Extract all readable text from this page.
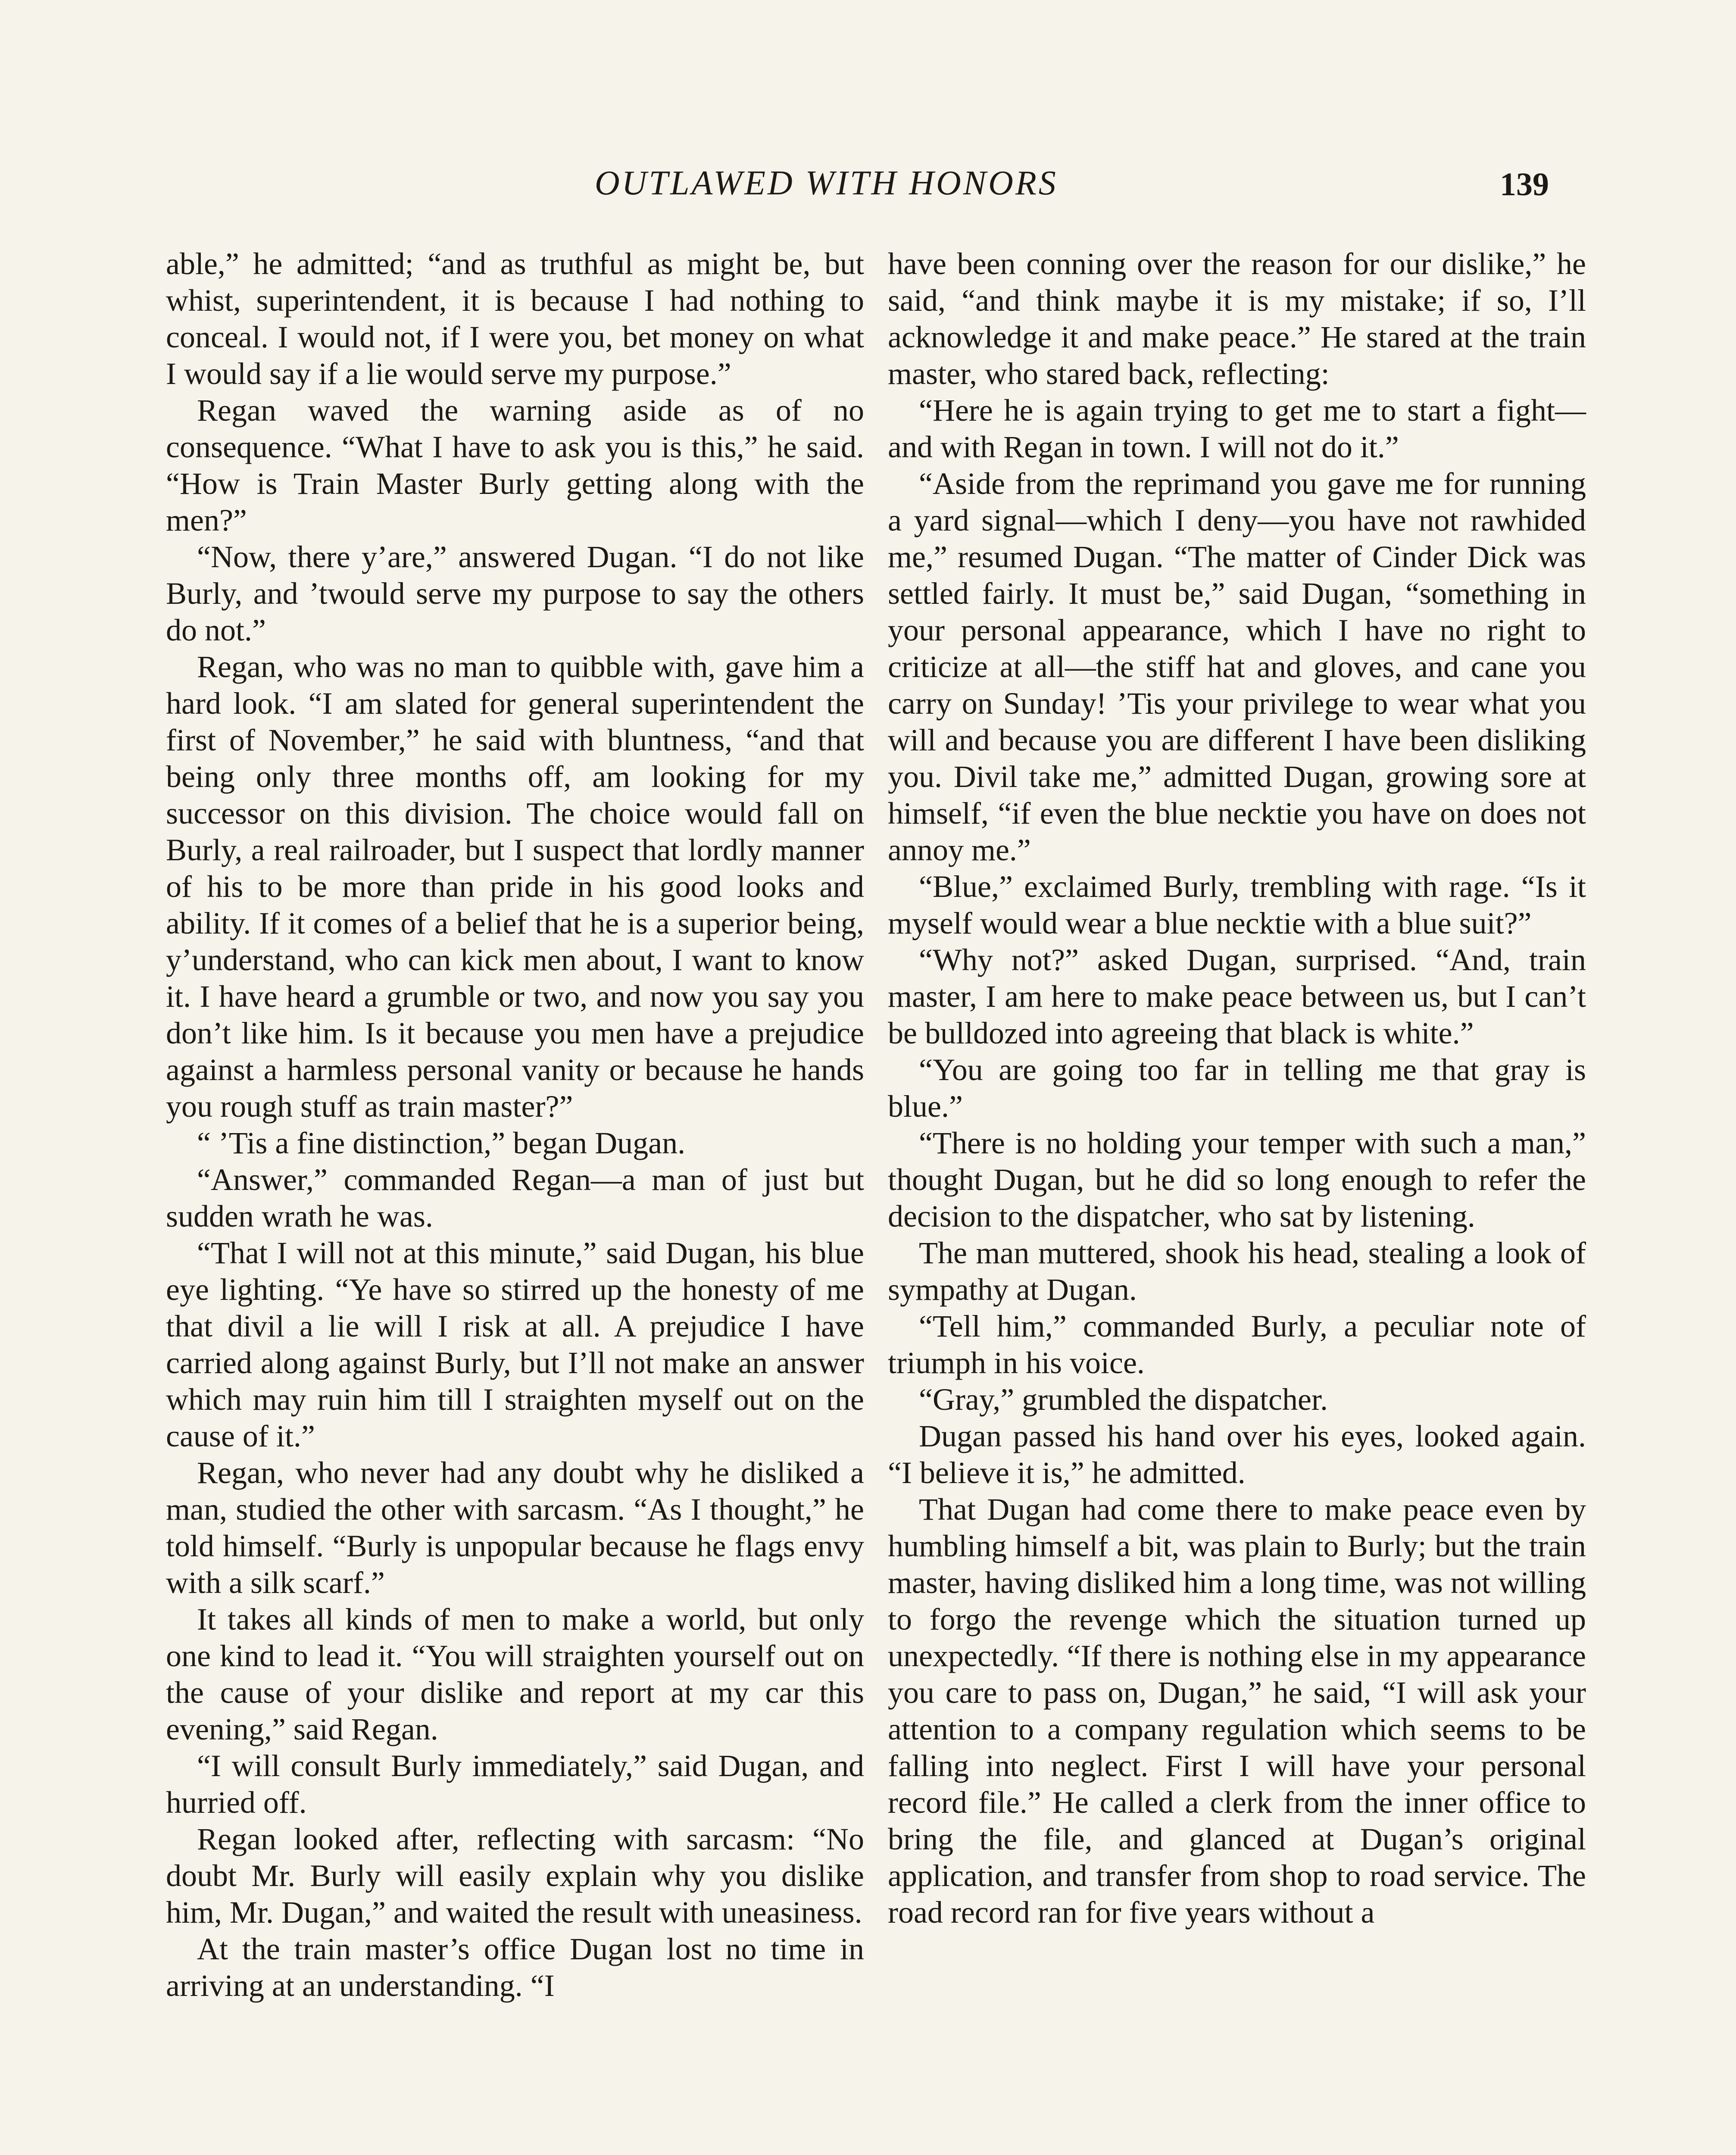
OUTLAWED WITH HONORS	139

able,” he admitted; “and as truthful as might be, but whist, superintendent, it is because I had nothing to conceal. I would not, if I were you, bet money on what I would say if a lie would serve my purpose.”

Regan waved the warning aside as of no consequence. “What I have to ask you is this,” he said. “How is Train Master Burly getting along with the men?”

“Now, there y’are,” answered Dugan. “I do not like Burly, and ’twould serve my purpose to say the others do not.”

Regan, who was no man to quibble with, gave him a hard look. “I am slated for general superintendent the first of November,” he said with bluntness, “and that being only three months off, am looking for my successor on this division. The choice would fall on Burly, a real railroader, but I suspect that lordly manner of his to be more than pride in his good looks and ability. If it comes of a belief that he is a superior being, y’understand, who can kick men about, I want to know it. I have heard a grumble or two, and now you say you don’t like him. Is it because you men have a prejudice against a harmless personal vanity or because he hands you rough stuff as train master?”

“ ’Tis a fine distinction,” began Dugan.

“Answer,” commanded Regan—a man of just but sudden wrath he was.

“That I will not at this minute,” said Dugan, his blue eye lighting. “Ye have so stirred up the honesty of me that divil a lie will I risk at all. A prejudice I have carried along against Burly, but I’ll not make an answer which may ruin him till I straighten myself out on the cause of it.”

Regan, who never had any doubt why he disliked a man, studied the other with sarcasm. “As I thought,” he told himself. “Burly is unpopular because he flags envy with a silk scarf.”

It takes all kinds of men to make a world, but only one kind to lead it. “You will straighten yourself out on the cause of your dislike and report at my car this evening,” said Regan.

“I will consult Burly immediately,” said Dugan, and hurried off.

Regan looked after, reflecting with sarcasm: “No doubt Mr. Burly will easily explain why you dislike him, Mr. Dugan,” and waited the result with uneasiness.

At the train master’s office Dugan lost no time in arriving at an understanding. “I

have been conning over the reason for our dislike,” he said, “and think maybe it is my mistake; if so, I’ll acknowledge it and make peace.” He stared at the train master, who stared back, reflecting:

“Here he is again trying to get me to start a fight—and with Regan in town. I will not do it.”

“Aside from the reprimand you gave me for running a yard signal—which I deny—you have not rawhided me,” resumed Dugan. “The matter of Cinder Dick was settled fairly. It must be,” said Dugan, “something in your personal appearance, which I have no right to criticize at all—the stiff hat and gloves, and cane you carry on Sunday! ’Tis your privilege to wear what you will and because you are different I have been disliking you. Divil take me,” admitted Dugan, growing sore at himself, “if even the blue necktie you have on does not annoy me.”

“Blue,” exclaimed Burly, trembling with rage. “Is it myself would wear a blue necktie with a blue suit?”

“Why not?” asked Dugan, surprised. “And, train master, I am here to make peace between us, but I can’t be bulldozed into agreeing that black is white.”

“You are going too far in telling me that gray is blue.”

“There is no holding your temper with such a man,” thought Dugan, but he did so long enough to refer the decision to the dispatcher, who sat by listening.

The man muttered, shook his head, stealing a look of sympathy at Dugan.

“Tell him,” commanded Burly, a peculiar note of triumph in his voice.

“Gray,” grumbled the dispatcher.

Dugan passed his hand over his eyes, looked again. “I believe it is,” he admitted.

That Dugan had come there to make peace even by humbling himself a bit, was plain to Burly; but the train master, having disliked him a long time, was not willing to forgo the revenge which the situation turned up unexpectedly. “If there is nothing else in my appearance you care to pass on, Dugan,” he said, “I will ask your attention to a company regulation which seems to be falling into neglect. First I will have your personal record file.” He called a clerk from the inner office to bring the file, and glanced at Dugan’s original application, and transfer from shop to road service. The road record ran for five years without a
